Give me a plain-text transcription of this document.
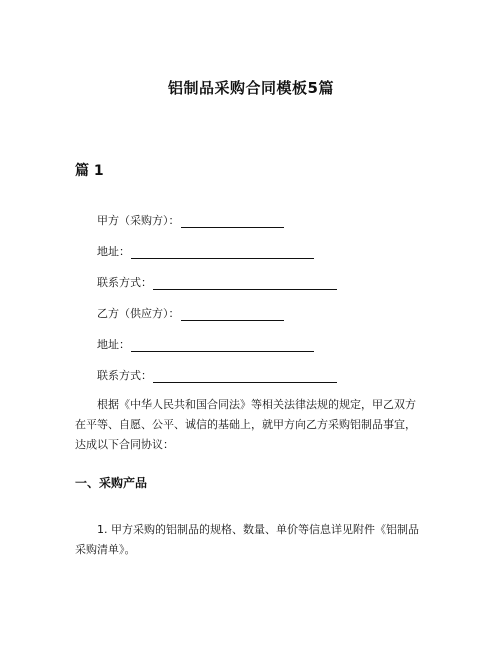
铝制品采购合同模板5篇
篇 1
甲方（采购方）：
地址：
联系方式：
乙方（供应方）：
地址：
联系方式：
根据《中华人民共和国合同法》等相关法律法规的规定，甲乙双方
在平等、自愿、公平、诚信的基础上，就甲方向乙方采购铝制品事宜，
达成以下合同协议：
一、采购产品
1. 甲方采购的铝制品的规格、数量、单价等信息详见附件《铝制品
采购清单》。
